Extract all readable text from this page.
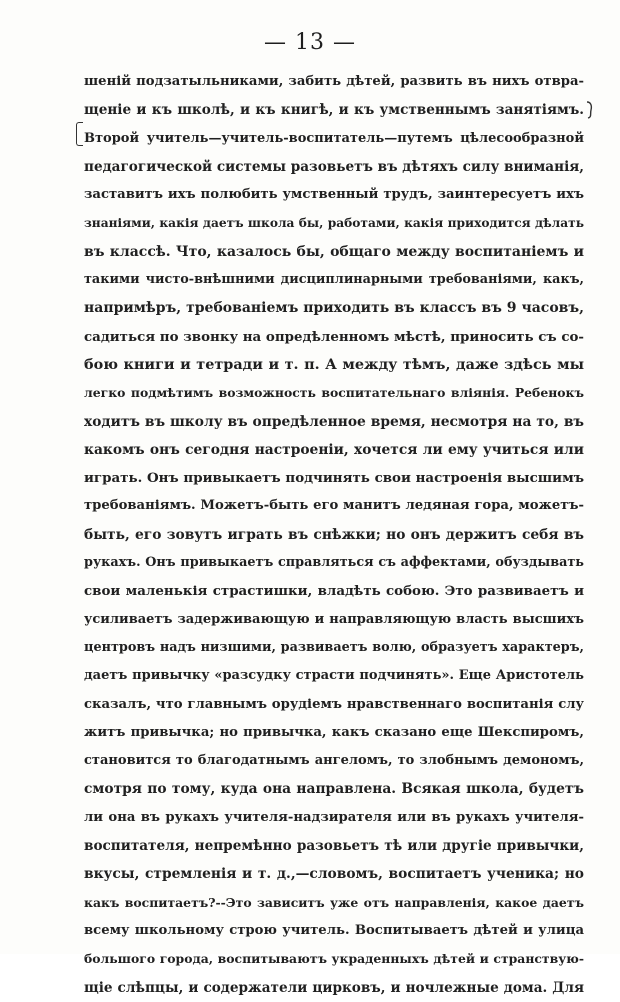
— 13 —
шеній подзатыльниками, забить дѣтей, развить въ нихъ отвра-
щеніе и къ школѣ, и къ книгѣ, и къ умственнымъ занятіямъ.
Второй учитель—учитель-воспитатель—путемъ цѣлесообразной
педагогической системы разовьетъ въ дѣтяхъ силу вниманія,
заставитъ ихъ полюбить умственный трудъ, заинтересуетъ ихъ
знаніями, какія даетъ школа бы, работами, какія приходится дѣлать
въ классѣ. Что, казалось бы, общаго между воспитаніемъ и
такими чисто-внѣшними дисциплинарными требованіями, какъ,
напримѣръ, требованіемъ приходить въ классъ въ 9 часовъ,
садиться по звонку на опредѣленномъ мѣстѣ, приносить съ со-
бою книги и тетради и т. п. А между тѣмъ, даже здѣсь мы
легко подмѣтимъ возможность воспитательнаго вліянія. Ребенокъ
ходитъ въ школу въ опредѣленное время, несмотря на то, въ
какомъ онъ сегодня настроеніи, хочется ли ему учиться или
играть. Онъ привыкаетъ подчинять свои настроенія высшимъ
требованіямъ. Можетъ-быть его манитъ ледяная гора, можетъ-
быть, его зовутъ играть въ снѣжки; но онъ держитъ себя въ
рукахъ. Онъ привыкаетъ справляться съ аффектами, обуздывать
свои маленькія страстишки, владѣть собою. Это развиваетъ и
усиливаетъ задерживающую и направляющую власть высшихъ
центровъ надъ низшими, развиваетъ волю, образуетъ характеръ,
даетъ привычку «разсудку страсти подчинять». Еще Аристотель
сказалъ, что главнымъ орудіемъ нравственнаго воспитанія слу
житъ привычка; но привычка, какъ сказано еще Шекспиромъ,
становится то благодатнымъ ангеломъ, то злобнымъ демономъ,
смотря по тому, куда она направлена. Всякая школа, будетъ
ли она въ рукахъ учителя-надзирателя или въ рукахъ учителя-
воспитателя, непремѣнно разовьетъ тѣ или другіе привычки,
вкусы, стремленія и т. д.,—словомъ, воспитаетъ ученика; но
какъ воспитаетъ?--Это зависитъ уже отъ направленія, какое даетъ
всему школьному строю учитель. Воспитываетъ дѣтей и улица
большого города, воспитываютъ украденныхъ дѣтей и странствую-
щіе слѣпцы, и содержатели цирковъ, и ночлежные дома. Для
